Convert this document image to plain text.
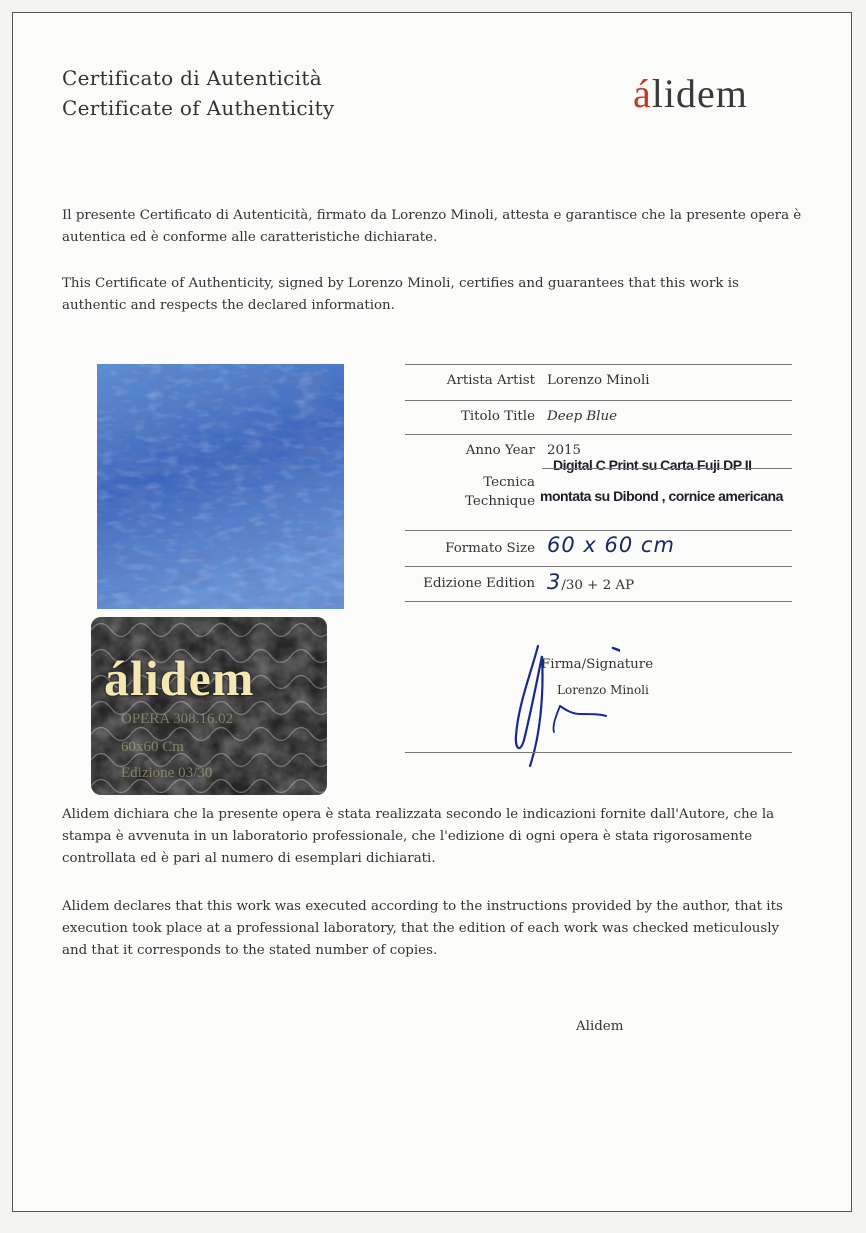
Certificato di Autenticità
Certificate of Authenticity	álidem
Il presente Certificato di Autenticità, firmato da Lorenzo Minoli, attesta e garantisce che la presente opera è autentica ed è conforme alle caratteristiche dichiarate.
This Certificate of Authenticity, signed by Lorenzo Minoli, certifies and guarantees that this work is authentic and respects the declared information.
álidem
OPERA 308.16.02
60x60 Cm
Edizione 03/30
Artista Artist Lorenzo Minoli
Titolo Title Deep Blue
Anno Year 2015
Tecnica
Technique
Digital C Print su Carta Fuji DP II
montata su Dibond , cornice americana
Formato Size 60 x 60 cm
Edizione Edition 3/30 + 2 AP
Firma/Signature
Lorenzo Minoli
Alidem dichiara che la presente opera è stata realizzata secondo le indicazioni fornite dall'Autore, che la stampa è avvenuta in un laboratorio professionale, che l'edizione di ogni opera è stata rigorosamente controllata ed è pari al numero di esemplari dichiarati.
Alidem declares that this work was executed according to the instructions provided by the author, that its execution took place at a professional laboratory, that the edition of each work was checked meticulously and that it corresponds to the stated number of copies.
Alidem
